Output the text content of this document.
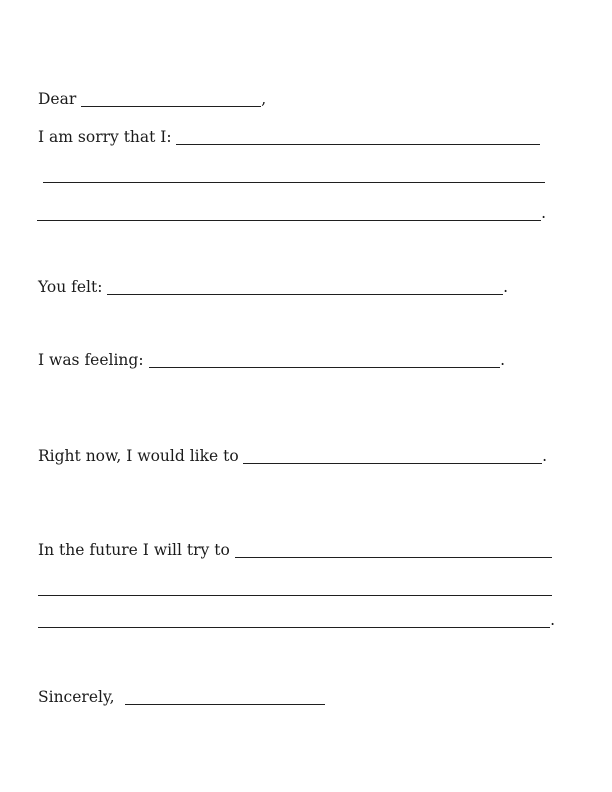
Dear	,
I am sorry that I:

.
You felt:	.
I was feeling:	.
Right now, I would like to	.
In the future I will try to

.
Sincerely,
